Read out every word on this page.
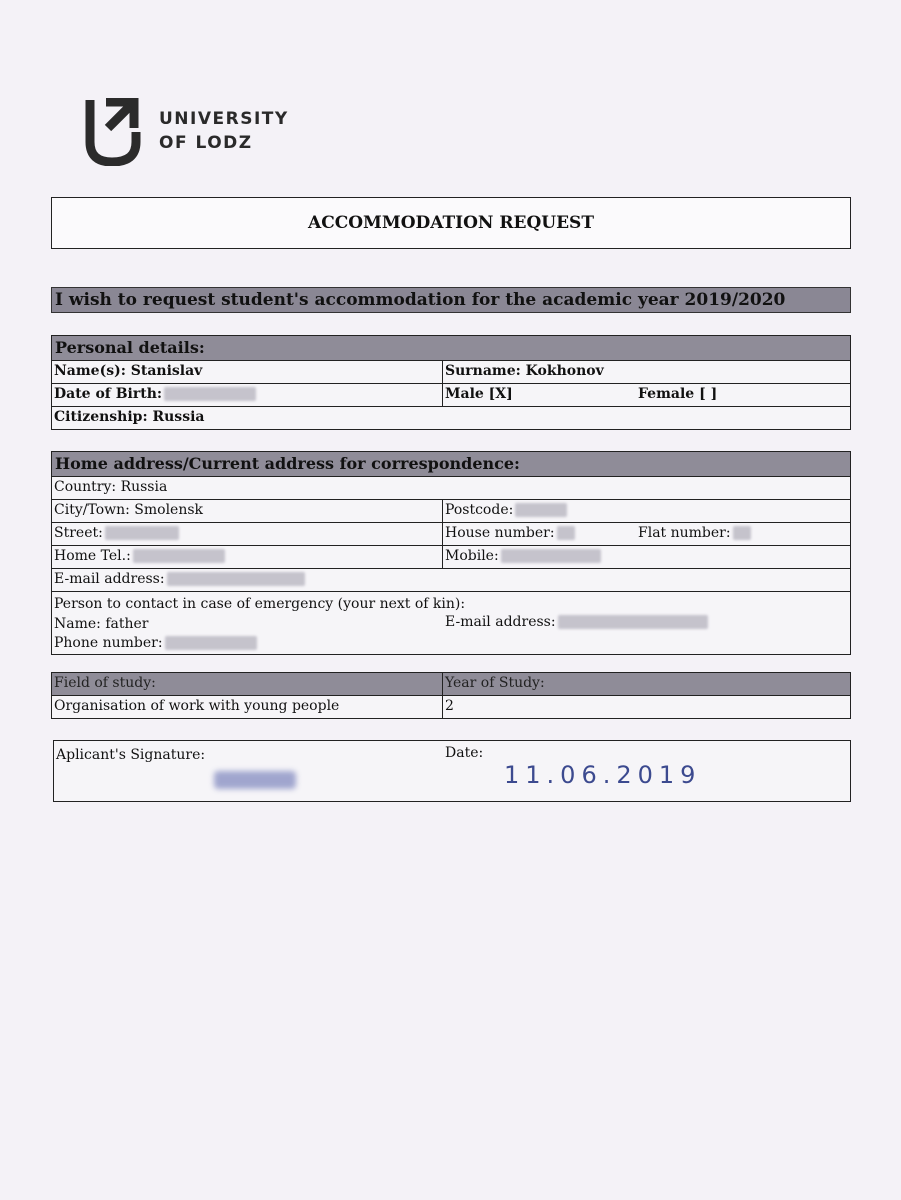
UNIVERSITY
OF LODZ
ACCOMMODATION REQUEST
I wish to request student's accommodation for the academic year 2019/2020
Personal details:
Name(s): Stanislav	Surname: Kokhonov
Date of Birth:	Male [X]	Female [ ]
Citizenship: Russia
Home address/Current address for correspondence:
Country: Russia
City/Town: Smolensk	Postcode:
Street:	House number:	Flat number:
Home Tel.:	Mobile:
E-mail address:
Person to contact in case of emergency (your next of kin):
Name: father	E-mail address:
Phone number:
Field of study:	Year of Study:
Organisation of work with young people	2
Aplicant's Signature:	Date:
11.06.2019
